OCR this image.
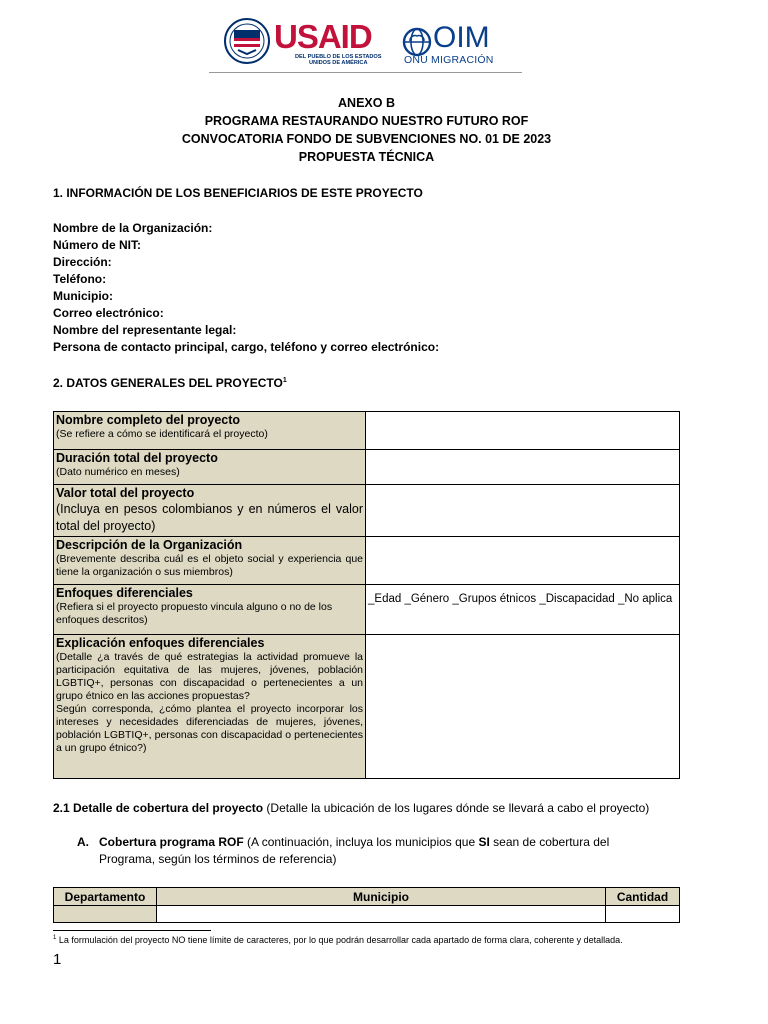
USAID
DEL PUEBLO DE LOS ESTADOS
UNIDOS DE AMÉRICA
OIM
ONU MIGRACIÓN
ANEXO B
PROGRAMA RESTAURANDO NUESTRO FUTURO ROF
CONVOCATORIA FONDO DE SUBVENCIONES NO. 01 DE 2023
PROPUESTA TÉCNICA
1. INFORMACIÓN DE LOS BENEFICIARIOS DE ESTE PROYECTO
Nombre de la Organización:
Número de NIT:
Dirección:
Teléfono:
Municipio:
Correo electrónico:
Nombre del representante legal:
Persona de contacto principal, cargo, teléfono y correo electrónico:
2. DATOS GENERALES DEL PROYECTO$^1$
Nombre completo del proyecto
(Se refiere a cómo se identificará el proyecto)	

Duración total del proyecto
(Dato numérico en meses)	

Valor total del proyecto
(Incluya en pesos colombianos y en números el valor total del proyecto)	

Descripción de la Organización
(Brevemente describa cuál es el objeto social y experiencia que tiene la organización o sus miembros)	

Enfoques diferenciales
(Refiera si el proyecto propuesto vincula alguno o no de los enfoques descritos)	_Edad _Género _Grupos étnicos _Discapacidad _No aplica

Explicación enfoques diferenciales
(Detalle ¿a través de qué estrategias la actividad promueve la participación equitativa de las mujeres, jóvenes, población LGBTIQ+, personas con discapacidad o pertenecientes a un grupo étnico en las acciones propuestas?
Según corresponda, ¿cómo plantea el proyecto incorporar los intereses y necesidades diferenciadas de mujeres, jóvenes, población LGBTIQ+, personas con discapacidad o pertenecientes a un grupo étnico?)	

2.1 Detalle de cobertura del proyecto (Detalle la ubicación de los lugares dónde se llevará a cabo el proyecto)
A. Cobertura programa ROF (A continuación, incluya los municipios que SI sean de cobertura del Programa, según los términos de referencia)
Departamento	Municipio	Cantidad

$^1$ La formulación del proyecto NO tiene límite de caracteres, por lo que podrán desarrollar cada apartado de forma clara, coherente y detallada.
1
